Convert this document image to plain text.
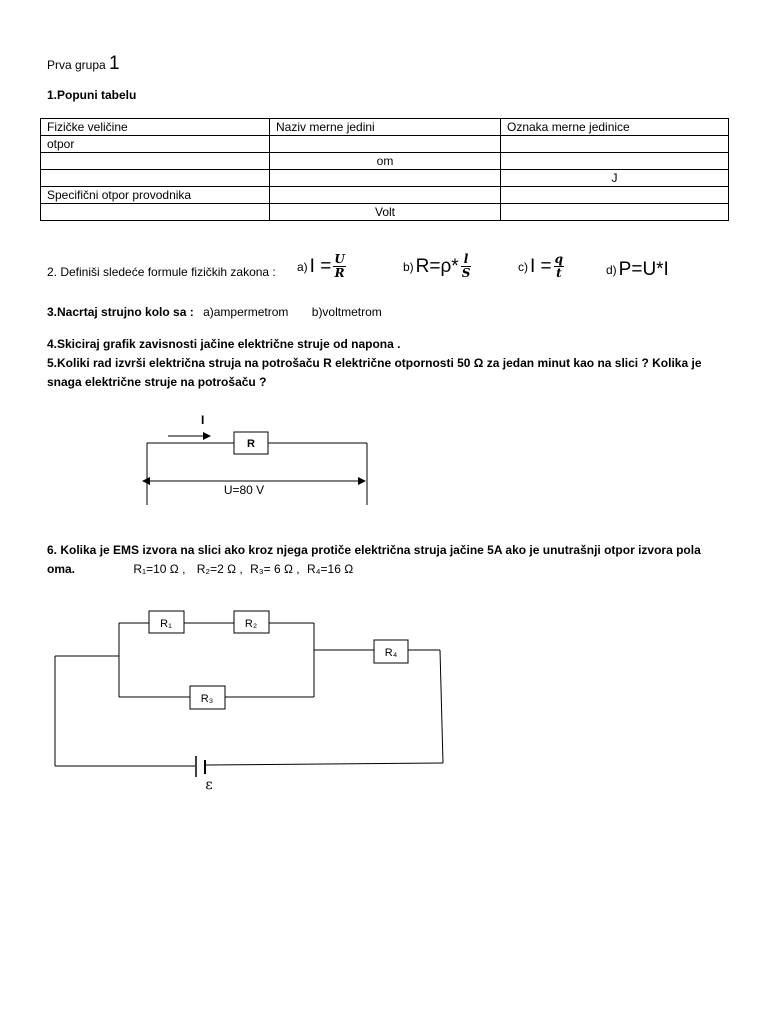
Prva grupa 1
1.Popuni tabelu
Fizičke veličine	Naziv merne jedini	Oznaka merne jedinice
otpor		
	om	
		J
Specifični otpor provodnika		
	Volt	
2. Definiši sledeće formule fizičkih zakona : a) $I = \frac{U}{R}$	b) $R=\rho* \frac{l}{S}$	c) $I = \frac{q}{t}$	d) P=U*I
3.Nacrtaj strujno kolo sa : a)ampermetrom b)voltmetrom
4.Skiciraj grafik zavisnosti jačine električne struje od napona .
5.Koliki rad izvrši električna struja na potrošaču R električne otpornosti 50 Ω za jedan minut kao na slici ? Kolika je
snaga električne struje na potrošaču ?
6. Kolika je EMS izvora na slici ako kroz njega protiče električna struja jačine 5A ako je unutrašnji otpor izvora pola
oma.	R₁=10 Ω , R₂=2 Ω , R₃= 6 Ω , R₄=16 Ω
I
R
U=80 V
R₁	R₂
R₃
R₄
ε
